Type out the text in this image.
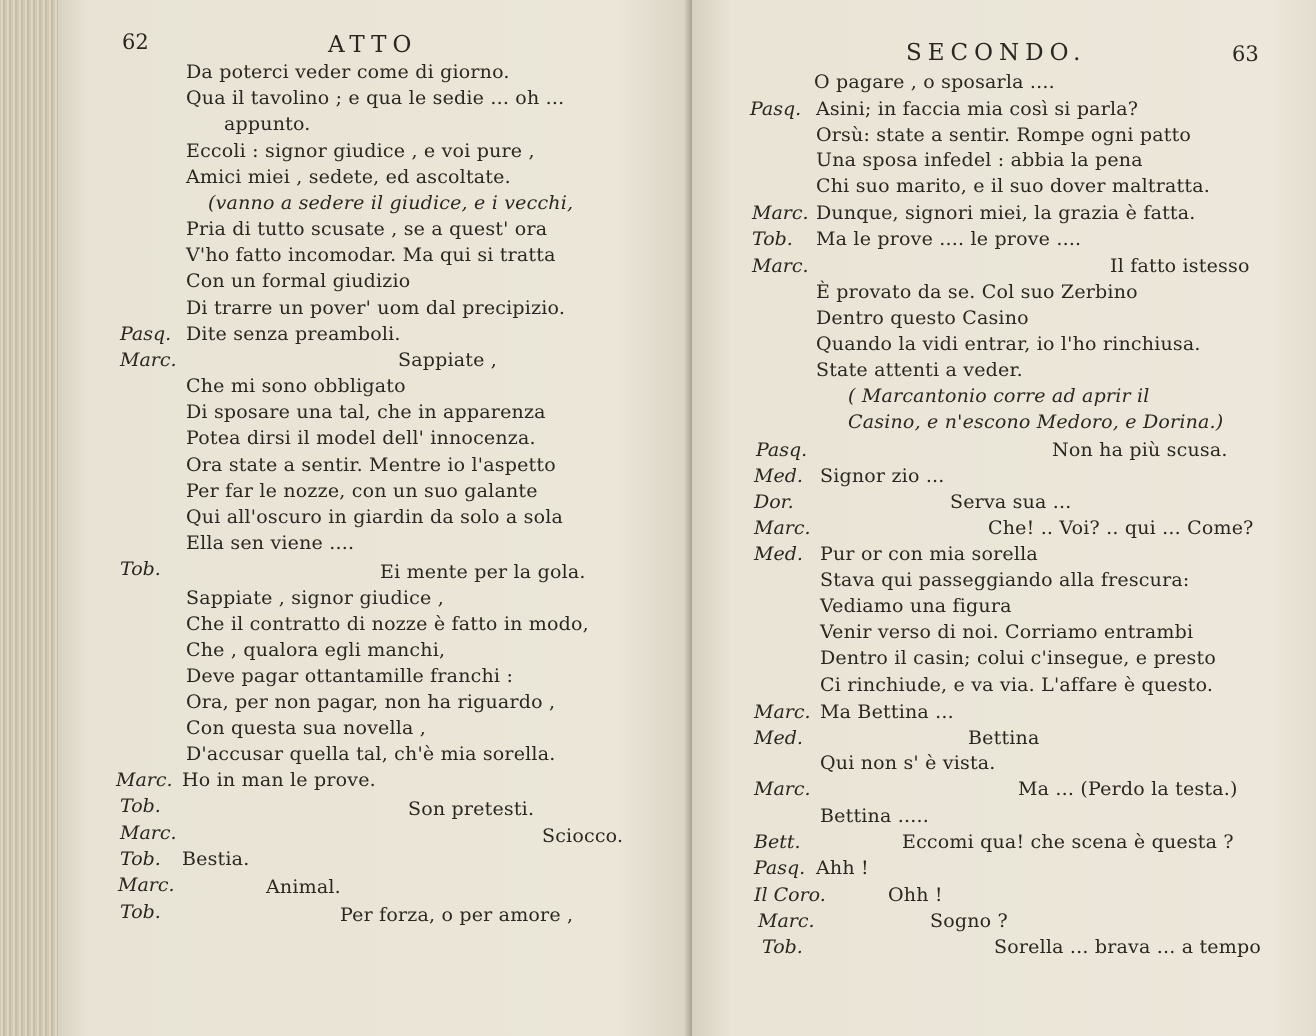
62	ATTO
Da poterci veder come di giorno.
Qua il tavolino ; e qua le sedie ... oh ...
appunto.
Eccoli : signor giudice , e voi pure ,
Amici miei , sedete, ed ascoltate.
(vanno a sedere il giudice, e i vecchi,
Pria di tutto scusate , se a quest' ora
V'ho fatto incomodar. Ma qui si tratta
Con un formal giudizio
Di trarre un pover' uom dal precipizio.
Pasq. Dite senza preamboli.
Marc.	Sappiate ,
Che mi sono obbligato
Di sposare una tal, che in apparenza
Potea dirsi il model dell' innocenza.
Ora state a sentir. Mentre io l'aspetto
Per far le nozze, con un suo galante
Qui all'oscuro in giardin da solo a sola
Ella sen viene ....
Tob.	Ei mente per la gola.
Sappiate , signor giudice ,
Che il contratto di nozze è fatto in modo,
Che , qualora egli manchi,
Deve pagar ottantamille franchi :
Ora, per non pagar, non ha riguardo ,
Con questa sua novella ,
D'accusar quella tal, ch'è mia sorella.
Marc. Ho in man le prove.
Tob.	Son pretesti.
Marc.	Sciocco.
Tob. Bestia.
Marc.	Animal.
Tob.	Per forza, o per amore ,
SECONDO.	63
O pagare , o sposarla ....
Pasq. Asini; in faccia mia così si parla?
Orsù: state a sentir. Rompe ogni patto
Una sposa infedel : abbia la pena
Chi suo marito, e il suo dover maltratta.
Marc. Dunque, signori miei, la grazia è fatta.
Tob. Ma le prove .... le prove ....
Marc.	Il fatto istesso
È provato da se. Col suo Zerbino
Dentro questo Casino
Quando la vidi entrar, io l'ho rinchiusa.
State attenti a veder.
( Marcantonio corre ad aprir il
Casino, e n'escono Medoro, e Dorina.)
Pasq.	Non ha più scusa.
Med. Signor zio ...
Dor.	Serva sua ...
Marc.	Che! .. Voi? .. qui ... Come?
Med. Pur or con mia sorella
Stava qui passeggiando alla frescura:
Vediamo una figura
Venir verso di noi. Corriamo entrambi
Dentro il casin; colui c'insegue, e presto
Ci rinchiude, e va via. L'affare è questo.
Marc. Ma Bettina ...
Med.	Bettina
Qui non s' è vista.
Marc.	Ma ... (Perdo la testa.)
Bettina .....
Bett.	Eccomi qua! che scena è questa ?
Pasq. Ahh !
Il Coro.	Ohh !
Marc.	Sogno ?
Tob.	Sorella ... brava ... a tempo
